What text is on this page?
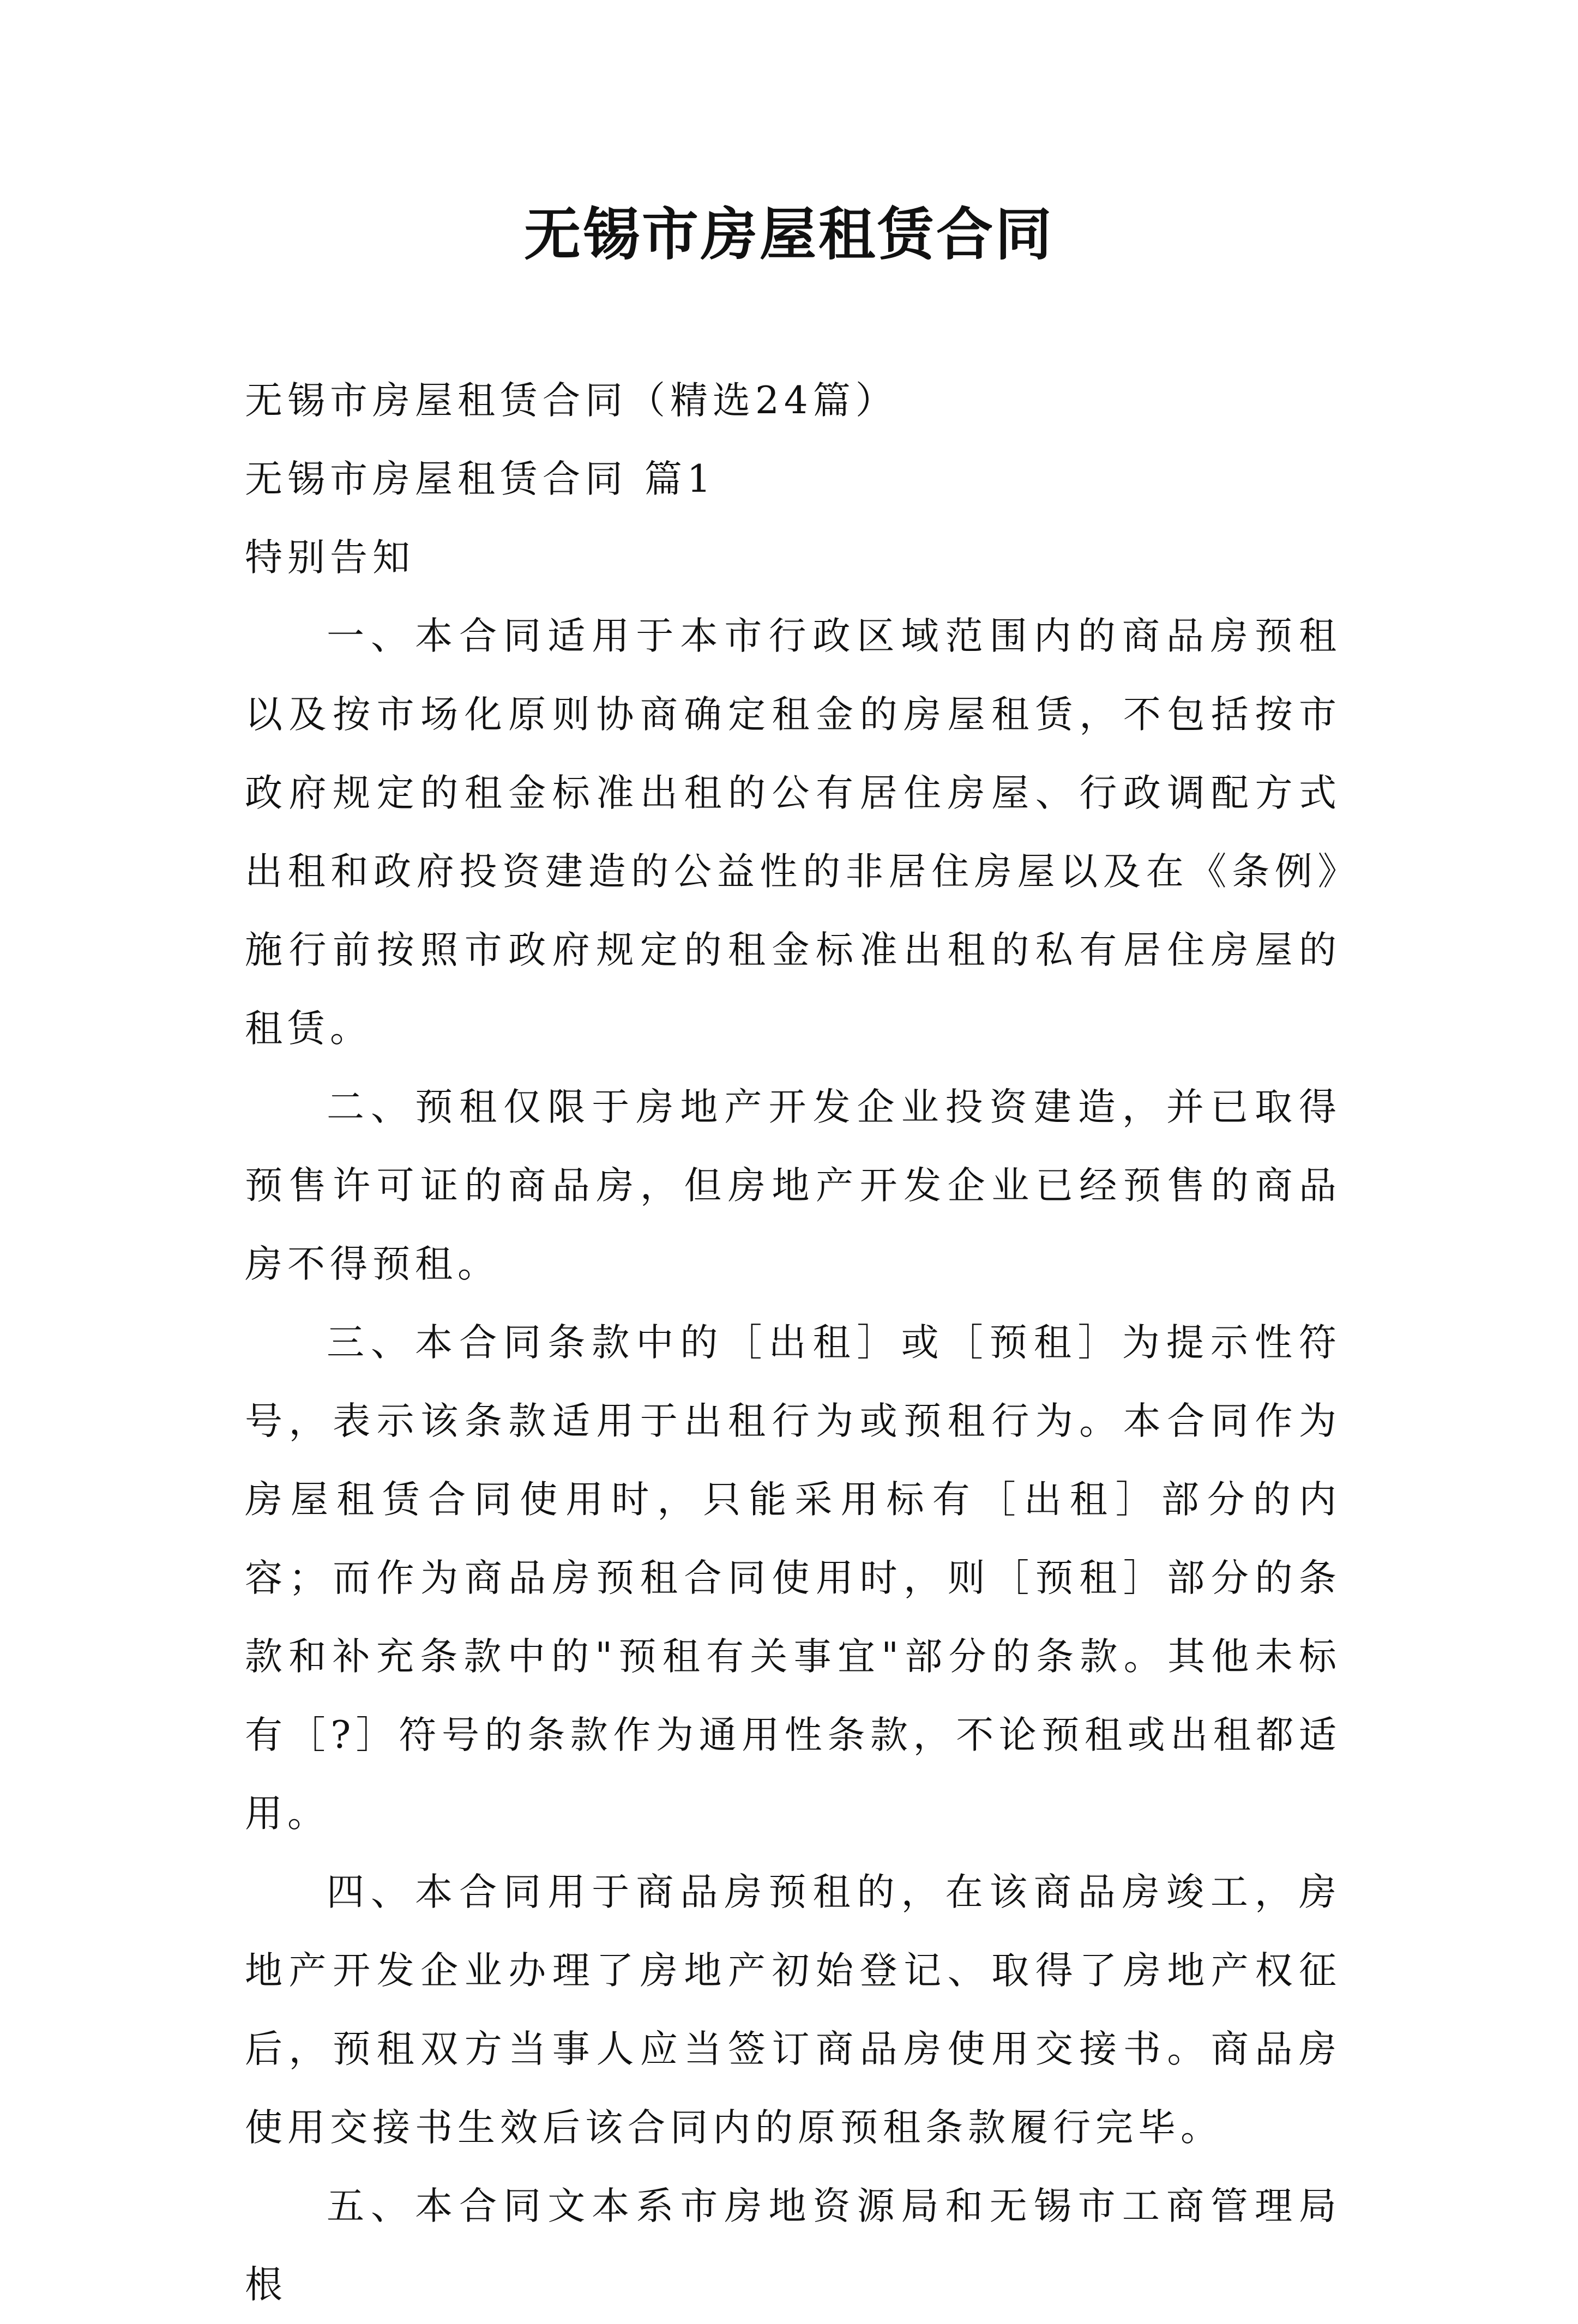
无锡市房屋租赁合同

无锡市房屋租赁合同（精选24篇）

无锡市房屋租赁合同 篇1

特别告知

一、本合同适用于本市行政区域范围内的商品房预租以及按市场化原则协商确定租金的房屋租赁，不包括按市政府规定的租金标准出租的公有居住房屋、行政调配方式出租和政府投资建造的公益性的非居住房屋以及在《条例》施行前按照市政府规定的租金标准出租的私有居住房屋的租赁。

二、预租仅限于房地产开发企业投资建造，并已取得预售许可证的商品房，但房地产开发企业已经预售的商品房不得预租。

三、本合同条款中的［出租］或［预租］为提示性符号，表示该条款适用于出租行为或预租行为。本合同作为房屋租赁合同使用时，只能采用标有［出租］部分的内容；而作为商品房预租合同使用时，则［预租］部分的条款和补充条款中的"预租有关事宜"部分的条款。其他未标有［?］符号的条款作为通用性条款，不论预租或出租都适用。

四、本合同用于商品房预租的，在该商品房竣工，房地产开发企业办理了房地产初始登记、取得了房地产权征后，预租双方当事人应当签订商品房使用交接书。商品房使用交接书生效后该合同内的原预租条款履行完毕。

五、本合同文本系市房地资源局和无锡市工商管理局根
